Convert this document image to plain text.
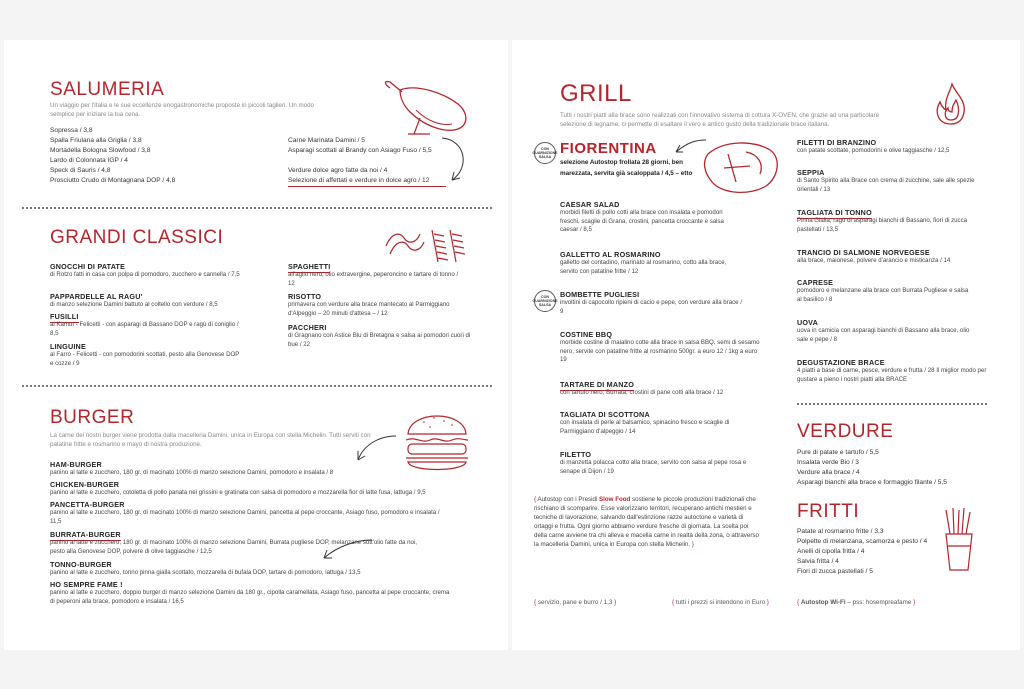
SALUMERIA
Un viaggio per l'Italia e le sue eccellenze enogastronomiche proposte in piccoli taglieri. Un modo semplice per iniziare la tua cena.
Sopressa / 3,8
Spalla Friulana alla Griglia / 3,8
Mortadella Bologna Slowfood / 3,8
Lardo di Colonnata IGP / 4
Speck di Sauris / 4,8
Prosciutto Crudo di Montagnana DOP / 4,8
Carne Marinata Damini / 5
Asparagi scottati al Brandy con Asiago Fuso / 5,5
Verdure dolce agro fatte da noi / 4
Selezione di affettati e verdure in dolce agro / 12
GRANDI CLASSICI
GNOCCHI DI PATATE
di Rotzo fatti in casa con polpa di pomodoro, zucchero e cannella / 7,5
PAPPARDELLE AL RAGU'
di manzo selezione Damini battuto al coltello con verdure / 8,5
FUSILLI
al Kamut - Felicetti - con asparagi di Bassano DOP e ragù di coniglio / 8,5
LINGUINE
al Farro - Felicetti - con pomodorini scottati, pesto alla Genovese DOP e cozze / 9
SPAGHETTI
all'aglio nero, olio extravergine, peperoncino e tartare di tonno / 12
RISOTTO
primavera con verdure alla brace mantecato al Parmiggiano d'Alpeggio – 20 minuti d'attesa – / 12
PACCHERI
di Gragnano con Astice Blu di Bretagna e salsa ai pomodori cuori di bue / 22
BURGER
La carne dei nostri burger viene prodotta dalla macelleria Damini, unica in Europa con stella Michelin. Tutti serviti con patatine fritte e rosmarino e mayo di nostra produzione.
HAM-BURGER
panino al latte e zucchero, 180 gr. di macinato 100% di manzo selezione Damini, pomodoro e insalata / 8
CHICKEN-BURGER
panino al latte e zucchero, cotoletta di pollo panata nei grissini e gratinata con salsa di pomodoro e mozzarella fior di latte fusa, lattuga / 9,5
PANCETTA-BURGER
panino al latte e zucchero, 180 gr. di macinato 100% di manzo selezione Damini, pancetta al pepe croccante, Asiago fuso, pomodoro e insalata / 11,5
BURRATA-BURGER
panino al latte e zucchero, 180 gr. di macinato 100% di manzo selezione Damini, Burrata pugliese DOP, melanzane sott'olio fatte da noi, pesto alla Genovese DOP, polvere di olive taggiasche / 12,5
TONNO-BURGER
panino al latte e zucchero, tonno pinna gialla scottato, mozzarella di bufala DOP, tartare di pomodoro, lattuga / 13,5
HO SEMPRE FAME !
panino al latte e zucchero, doppio burger di manzo selezione Damini da 180 gr., cipolla caramellata, Asiago fuso, pancetta al pepe croccante, crema di peperoni alla brace, pomodoro e insalata / 16,5
GRILL
Tutti i nostri piatti alla brace sono realizzati con l'innovativo sistema di cottura X-OVEN, che grazie ad una particolare selezione di legname, ci permette di esaltare il vero e antico gusto della tradizionale brace italiana.
CON GUARNIZIONE SALSA
FIORENTINA
selezione Autostop frollata 28 giorni, ben marezzata, servita già scaloppata / 4,5 – etto
CAESAR SALAD
morbidi filetti di pollo cotti alla brace con insalata e pomodori freschi, scaglie di Grana, crostini, pancetta croccante e salsa caesar / 8,5
GALLETTO AL ROSMARINO
galletto del contadino, marinato al rosmarino, cotto alla brace, servito con patatine fritte / 12
CON GUARNIZIONE SALSA
BOMBETTE PUGLIESI
involtini di capocollo ripieni di cacio e pepe, con verdure alla brace / 9
COSTINE BBQ
morbide costine di maialino cotte alla brace in salsa BBQ, semi di sesamo nero, servite con patatine fritte al rosmarino 500gr. a euro 12 / 1kg a euro 19
TARTARE DI MANZO
con tartufo nero, Burrata, crostini di pane cotti alla brace / 12
TAGLIATA DI SCOTTONA
con insalata di perle al balsamico, spinacino fresco e scaglie di Parmiggiano d'alpeggio / 14
FILETTO
di manzetta polacca cotto alla brace, servito con salsa al pepe rosa e senape di Dijon / 19
{ Autostop con i Presidi Slow Food sostiene le piccole produzioni tradizionali che rischiano di scomparire. Esse valorizzano territori, recuperano antichi mestieri e tecniche di lavorazione, salvando dall'estinzione razze autoctone e varietà di ortaggi e frutta. Ogni giorno abbiamo verdure fresche di giornata. La scelta poi della carne avviene tra chi alleva e macella carne in realtà della zona, o attraverso la macelleria Damini, unica in Europa con stella Michelin. }
FILETTI DI BRANZINO
con patate scottate, pomodorini e olive taggiasche / 12,5
SEPPIA
di Santo Spirito alla Brace con crema di zucchine, sale alle spezie orientali / 13
TAGLIATA DI TONNO
Pinna Gialla, ragù di asparagi bianchi di Bassano, fiori di zucca pastellati / 13,5
TRANCIO DI SALMONE NORVEGESE
alla brace, maionese, polvere d'arancio e misticanza / 14
CAPRESE
pomodoro e melanzane alla brace con Burrata Pugliese e salsa al basilico / 8
UOVA
uova in camicia con asparagi bianchi di Bassano alla brace, olio sale e pepe / 8
DEGUSTAZIONE BRACE
4 piatti a base di carne, pesce, verdure e frutta / 28 Il miglior modo per gustare a pieno i nostri piatti alla BRACE
VERDURE
Pure di patate e tartufo / 5,5
Insalata verde Bio / 3
Verdure alla brace / 4
Asparagi bianchi alla brace e formaggio filante / 5,5
FRITTI
Patate al rosmarino fritte / 3,3
Polpette di melanzana, scamorza e pesto / 4
Anelli di cipolla fritta / 4
Salvia fritta / 4
Fiori di zucca pastellati / 5
{ servizio, pane e burro / 1,3 }	{ tutti i prezzi si intendono in Euro }	{ Autostop Wi-Fi – pss: hosempreafame }
